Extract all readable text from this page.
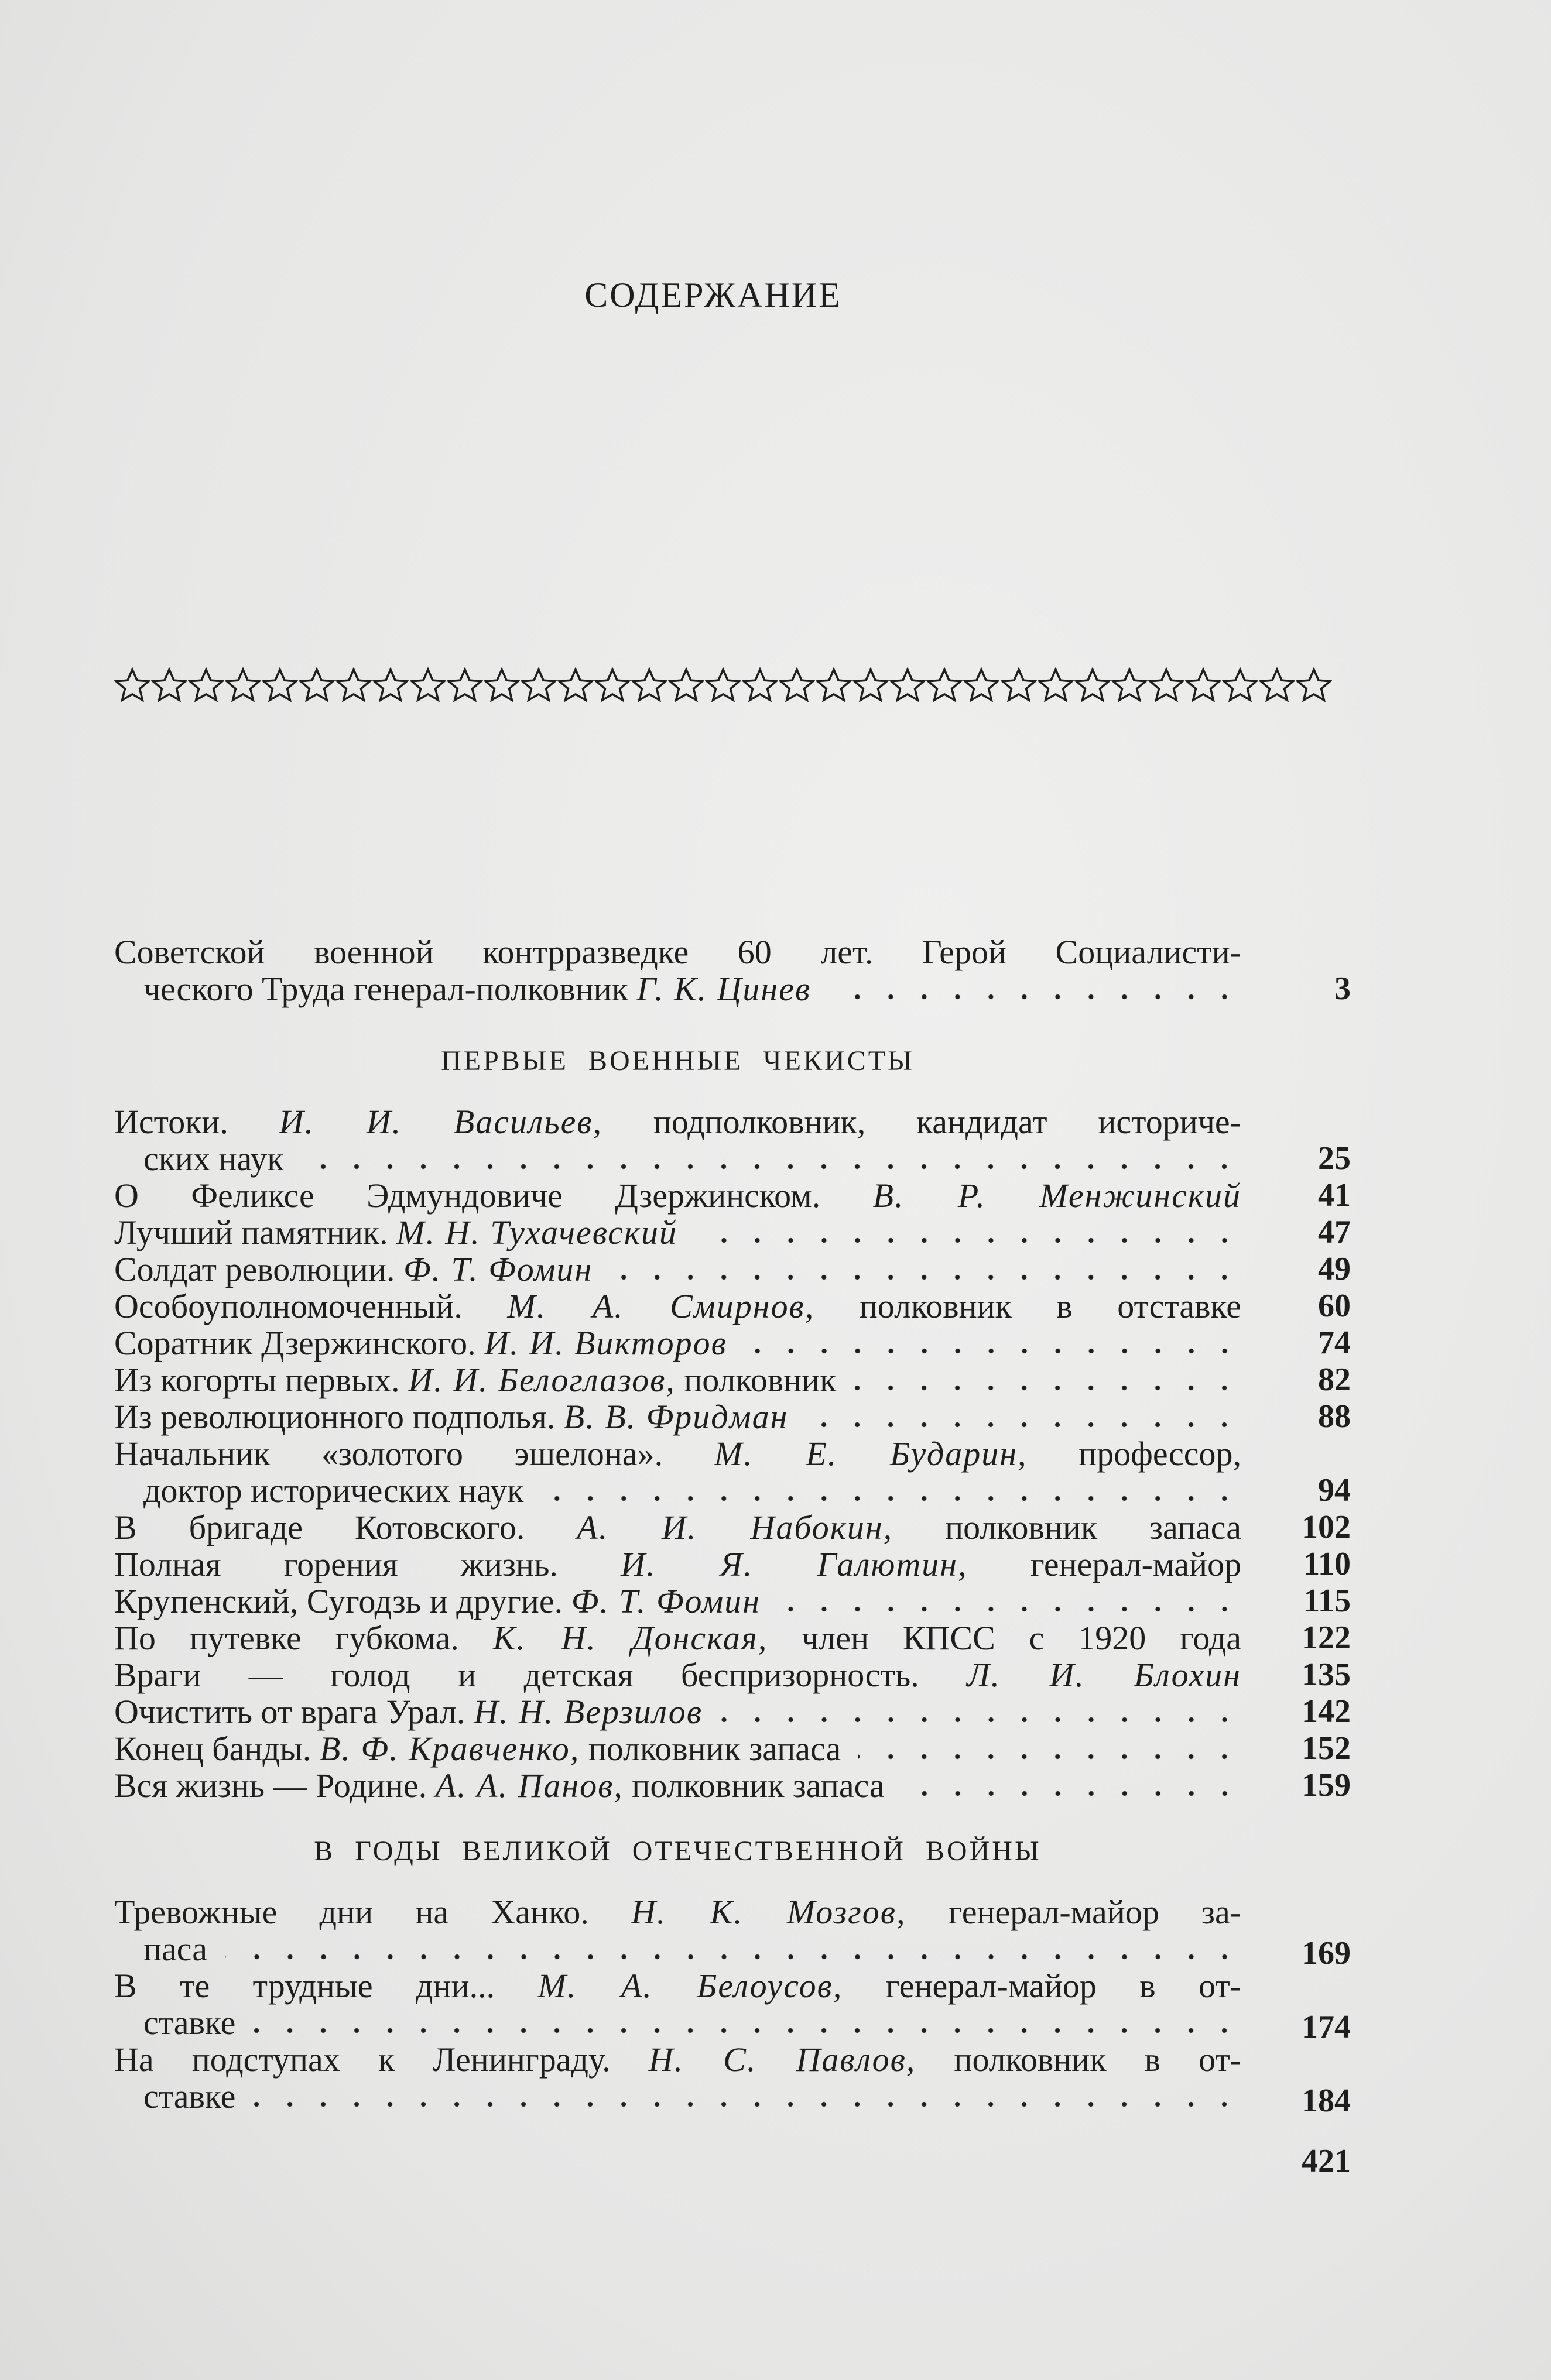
СОДЕРЖАНИЕ
Советской военной контрразведке 60 лет. Герой Социалисти-
ческого Труда генерал-полковник Г. К. Цинев	3
ПЕРВЫЕ ВОЕННЫЕ ЧЕКИСТЫ
Истоки. И. И. Васильев, подполковник, кандидат историче-
ских наук	25
О Феликсе Эдмундовиче Дзержинском. В. Р. Менжинский 41
Лучший памятник. М. Н. Тухачевский	47
Солдат революции. Ф. Т. Фомин	49
Особоуполномоченный. М. А. Смирнов, полковник в отставке 60
Соратник Дзержинского. И. И. Викторов	74
Из когорты первых. И. И. Белоглазов, полковник	82
Из революционного подполья. В. В. Фридман	88
Начальник «золотого эшелона». М. Е. Бударин, профессор,
доктор исторических наук	94
В бригаде Котовского. А. И. Набокин, полковник запаса 102
Полная горения жизнь. И. Я. Галютин, генерал-майор 110
Крупенский, Сугодзь и другие. Ф. Т. Фомин	115
По путевке губкома. К. Н. Донская, член КПСС с 1920 года 122
Враги — голод и детская беспризорность. Л. И. Блохин 135
Очистить от врага Урал. Н. Н. Верзилов	142
Конец банды. В. Ф. Кравченко, полковник запаса	152
Вся жизнь — Родине. А. А. Панов, полковник запаса	159
В ГОДЫ ВЕЛИКОЙ ОТЕЧЕСТВЕННОЙ ВОЙНЫ
Тревожные дни на Ханко. Н. К. Мозгов, генерал-майор за-
паса	169
В те трудные дни... М. А. Белоусов, генерал-майор в от-
ставке	174
На подступах к Ленинграду. Н. С. Павлов, полковник в от-
ставке	184
421
